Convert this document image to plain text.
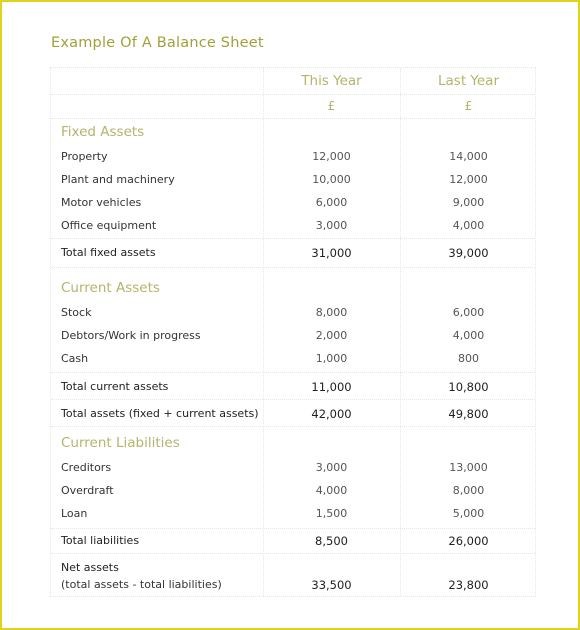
Example Of A Balance Sheet
This Year	Last Year
£	£
Fixed Assets
Property	12,000	14,000
Plant and machinery	10,000	12,000
Motor vehicles	6,000	9,000
Office equipment	3,000	4,000
Total fixed assets	31,000	39,000
Current Assets
Stock	8,000	6,000
Debtors/Work in progress	2,000	4,000
Cash	1,000	800
Total current assets	11,000	10,800
Total assets (fixed + current assets)	42,000	49,800
Current Liabilities
Creditors	3,000	13,000
Overdraft	4,000	8,000
Loan	1,500	5,000
Total liabilities	8,500	26,000
Net assets
(total assets - total liabilities)	33,500	23,800
